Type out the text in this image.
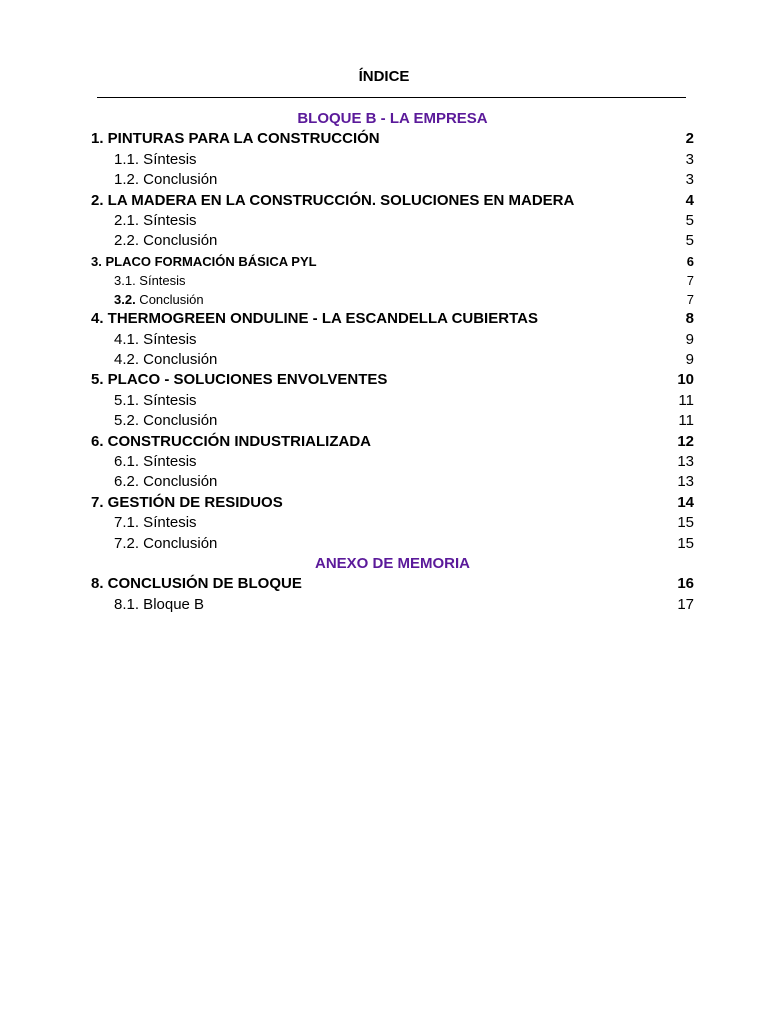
ÍNDICE
BLOQUE B - LA EMPRESA
1. PINTURAS PARA LA CONSTRUCCIÓN	2
1.1. Síntesis	3
1.2. Conclusión	3
2. LA MADERA EN LA CONSTRUCCIÓN. SOLUCIONES EN MADERA	4
2.1. Síntesis	5
2.2. Conclusión	5
3. PLACO FORMACIÓN BÁSICA PYL	6
3.1. Síntesis	7
3.2. Conclusión	7
4. THERMOGREEN ONDULINE - LA ESCANDELLA CUBIERTAS	8
4.1. Síntesis	9
4.2. Conclusión	9
5. PLACO - SOLUCIONES ENVOLVENTES	10
5.1. Síntesis	11
5.2. Conclusión	11
6. CONSTRUCCIÓN INDUSTRIALIZADA	12
6.1. Síntesis	13
6.2. Conclusión	13
7. GESTIÓN DE RESIDUOS	14
7.1. Síntesis	15
7.2. Conclusión	15
ANEXO DE MEMORIA
8. CONCLUSIÓN DE BLOQUE	16
8.1. Bloque B	17
